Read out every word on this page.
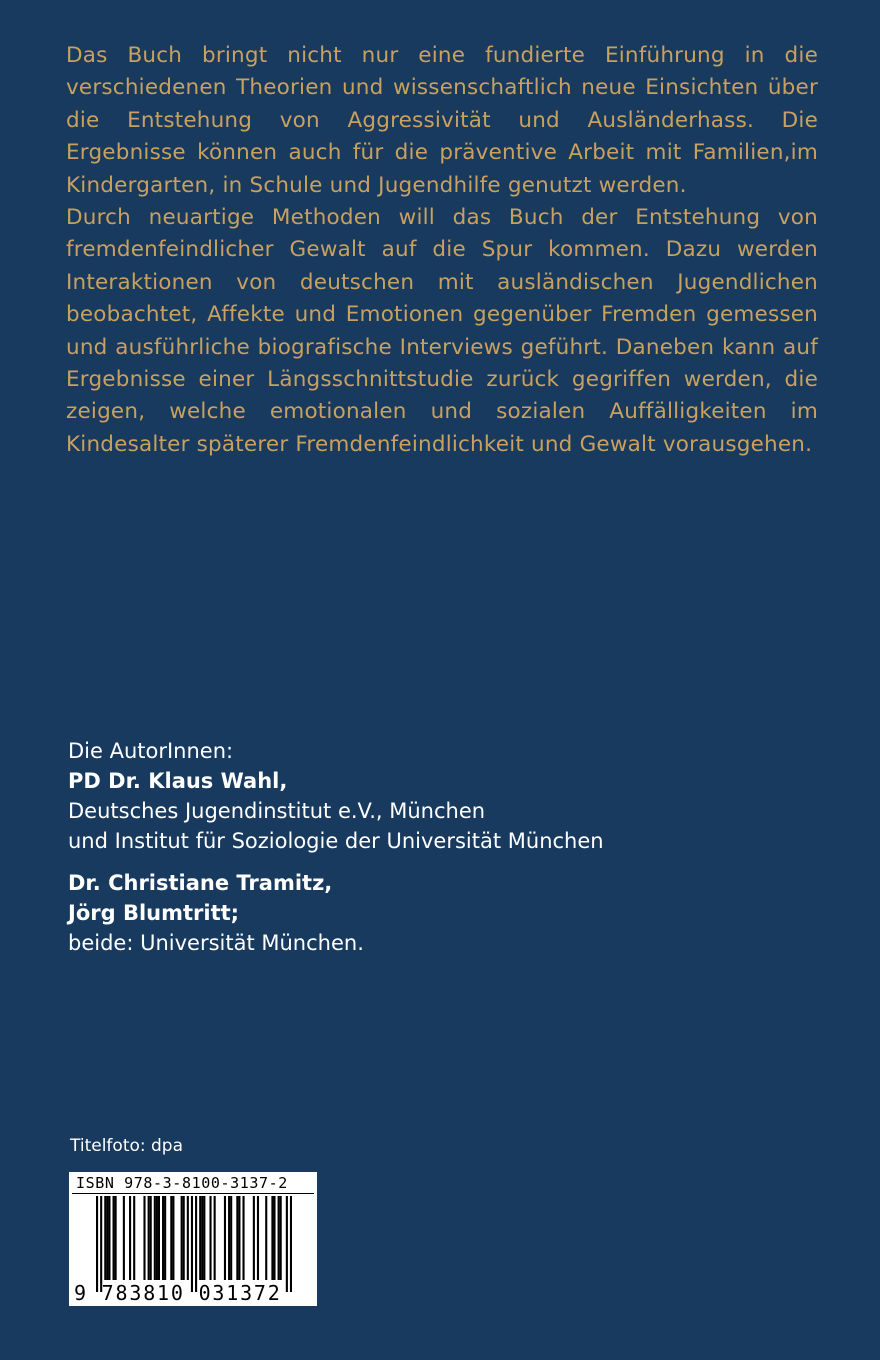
Das Buch bringt nicht nur eine fundierte Einführung in die verschiedenen Theorien und wissenschaftlich neue Einsichten über die Entstehung von Aggressivität und Ausländerhass. Die Ergebnisse können auch für die präventive Arbeit mit Familien,im Kindergarten, in Schule und Jugendhilfe genutzt werden.

Durch neuartige Methoden will das Buch der Entstehung von fremdenfeindlicher Gewalt auf die Spur kommen. Dazu werden Interaktionen von deutschen mit ausländischen Jugendlichen beobachtet, Affekte und Emotionen gegenüber Fremden gemessen und ausführliche biografische Interviews geführt. Daneben kann auf Ergebnisse einer Längsschnittstudie zurück gegriffen werden, die zeigen, welche emotionalen und sozialen Auffälligkeiten im Kindesalter späterer Fremdenfeindlichkeit und Gewalt vorausgehen.

Die AutorInnen:
PD Dr. Klaus Wahl,
Deutsches Jugendinstitut e.V., München
und Institut für Soziologie der Universität München
Dr. Christiane Tramitz,
Jörg Blumtritt;
beide: Universität München.
Titelfoto: dpa
ISBN 978-3-8100-3137-2
9 783810 031372
